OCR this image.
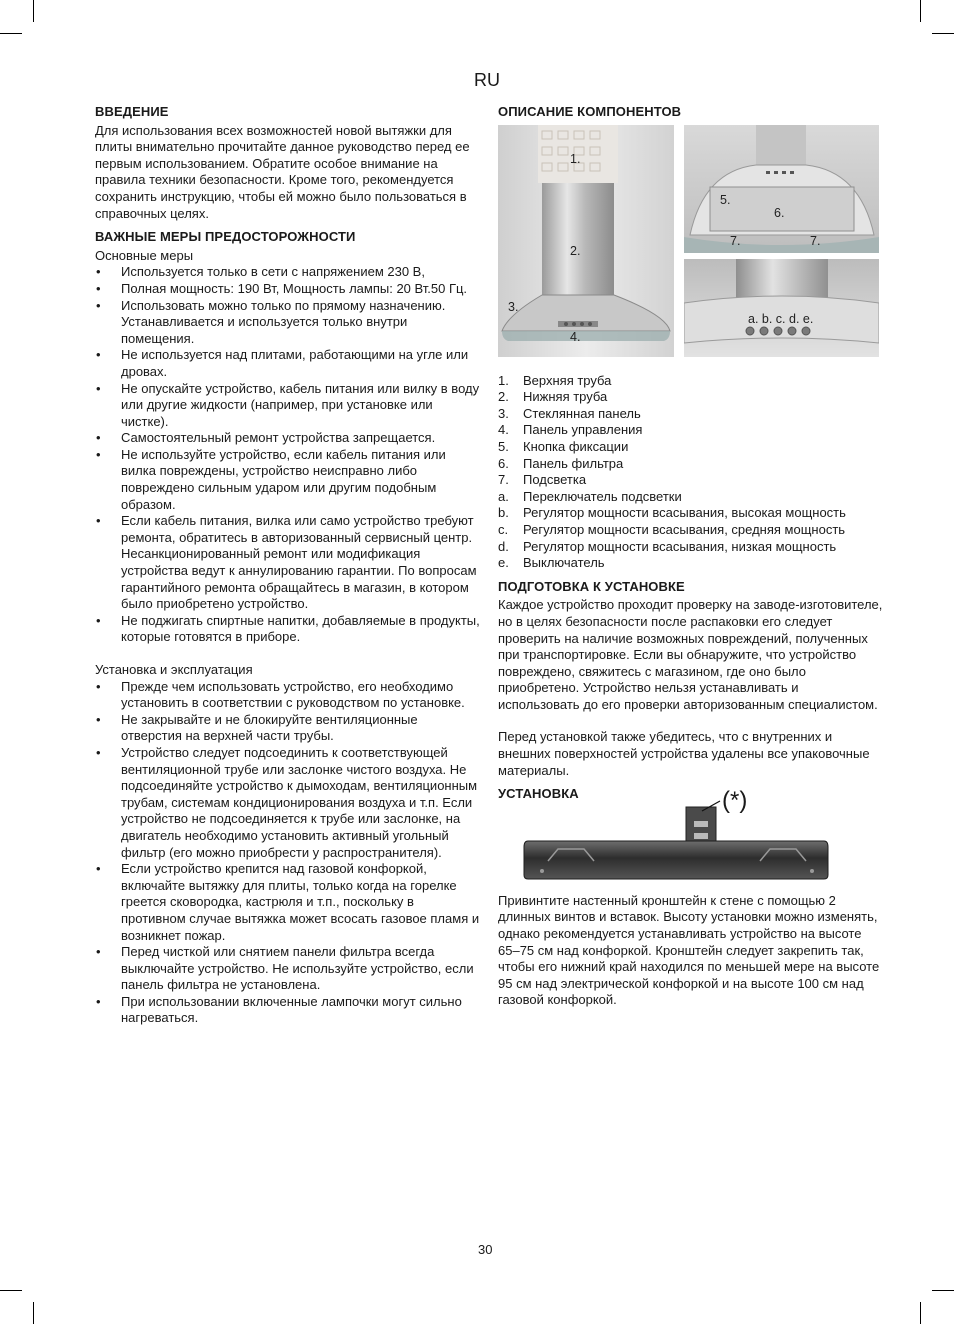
RU
ВВЕДЕНИЕ

Для использования всех возможностей новой вытяжки для плиты внимательно прочитайте данное руководство перед ее первым использованием. Обратите особое внимание на правила техники безопасности. Кроме того, рекомендуется сохранить инструкцию, чтобы ей можно было пользоваться в справочных целях.

ВАЖНЫЕ МЕРЫ ПРЕДОСТОРОЖНОСТИ

Основные меры

• Используется только в сети с напряжением 230 В,
• Полная мощность: 190 Вт, Мощность лампы: 20 Вт.50 Гц.
• Использовать можно только по прямому назначению. Устанавливается и используется только внутри помещения.
• Не используется над плитами, работающими на угле или дровах.
• Не опускайте устройство, кабель питания или вилку в воду или другие жидкости (например, при установке или чистке).
• Самостоятельный ремонт устройства запрещается.
• Не используйте устройство, если кабель питания или вилка повреждены, устройство неисправно либо повреждено сильным ударом или другим подобным образом.
• Если кабель питания, вилка или само устройство требуют ремонта, обратитесь в авторизованный сервисный центр. Несанкционированный ремонт или модификация устройства ведут к аннулированию гарантии. По вопросам гарантийного ремонта обращайтесь в магазин, в котором было приобретено устройство.
• Не поджигать спиртные напитки, добавляемые в продукты, которые готовятся в приборе.

Установка и эксплуатация

• Прежде чем использовать устройство, его необходимо установить в соответствии с руководством по установке.
• Не закрывайте и не блокируйте вентиляционные отверстия на верхней части трубы.
• Устройство следует подсоединить к соответствующей вентиляционной трубе или заслонке чистого воздуха. Не подсоединяйте устройство к дымоходам, вентиляционным трубам, системам кондиционирования воздуха и т.п. Если устройство не подсоединяется к трубе или заслонке, на двигатель необходимо установить активный угольный фильтр (его можно приобрести у распространителя).
• Если устройство крепится над газовой конфоркой, включайте вытяжку для плиты, только когда на горелке греется сковородка, кастрюля и т.п., поскольку в противном случае вытяжка может всосать газовое пламя и возникнет пожар.
• Перед чисткой или снятием панели фильтра всегда выключайте устройство. Не используйте устройство, если панель фильтра не установлена.
• При использовании включенные лампочки могут сильно нагреваться.
ОПИСАНИЕ КОМПОНЕНТОВ
1.
2.
3.
4.
5.
6.
7.	7.
a. b. c. d. e.
1. Верхняя труба
2. Нижняя труба
3. Стеклянная панель
4. Панель управления
5. Кнопка фиксации
6. Панель фильтра
7. Подсветка
a. Переключатель подсветки
b. Регулятор мощности всасывания, высокая мощность
c. Регулятор мощности всасывания, средняя мощность
d. Регулятор мощности всасывания, низкая мощность
e. Выключатель
ПОДГОТОВКА К УСТАНОВКЕ

Каждое устройство проходит проверку на заводе-изготовителе, но в целях безопасности после распаковки его следует проверить на наличие возможных повреждений, полученных при транспортировке. Если вы обнаружите, что устройство повреждено, свяжитесь с магазином, где оно было приобретено. Устройство нельзя устанавливать и использовать до его проверки авторизованным специалистом.

Перед установкой также убедитесь, что с внутренних и внешних поверхностей устройства удалены все упаковочные материалы.

УСТАНОВКА	(*)

Привинтите настенный кронштейн к стене с помощью 2 длинных винтов и вставок. Высоту установки можно изменять, однако рекомендуется устанавливать устройство на высоте 65–75 см над конфоркой. Кронштейн следует закрепить так, чтобы его нижний край находился по меньшей мере на высоте 95 см над электрической конфоркой и на высоте 100 см над газовой конфоркой.

30
